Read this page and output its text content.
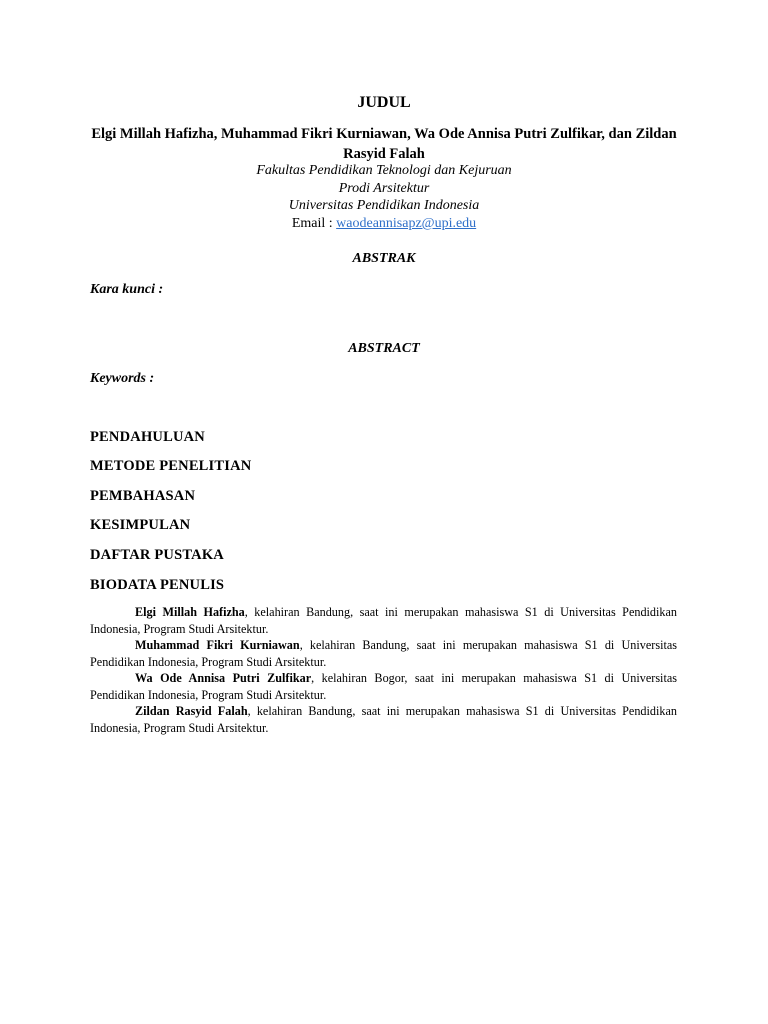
JUDUL
Elgi Millah Hafizha, Muhammad Fikri Kurniawan, Wa Ode Annisa Putri Zulfikar, dan Zildan Rasyid Falah
Fakultas Pendidikan Teknologi dan Kejuruan
Prodi Arsitektur
Universitas Pendidikan Indonesia
Email : waodeannisapz@upi.edu
ABSTRAK
Kara kunci :
ABSTRACT
Keywords :
PENDAHULUAN
METODE PENELITIAN
PEMBAHASAN
KESIMPULAN
DAFTAR PUSTAKA
BIODATA PENULIS
Elgi Millah Hafizha, kelahiran Bandung, saat ini merupakan mahasiswa S1 di Universitas Pendidikan Indonesia, Program Studi Arsitektur.
Muhammad Fikri Kurniawan, kelahiran Bandung, saat ini merupakan mahasiswa S1 di Universitas Pendidikan Indonesia, Program Studi Arsitektur.
Wa Ode Annisa Putri Zulfikar, kelahiran Bogor, saat ini merupakan mahasiswa S1 di Universitas Pendidikan Indonesia, Program Studi Arsitektur.
Zildan Rasyid Falah, kelahiran Bandung, saat ini merupakan mahasiswa S1 di Universitas Pendidikan Indonesia, Program Studi Arsitektur.
